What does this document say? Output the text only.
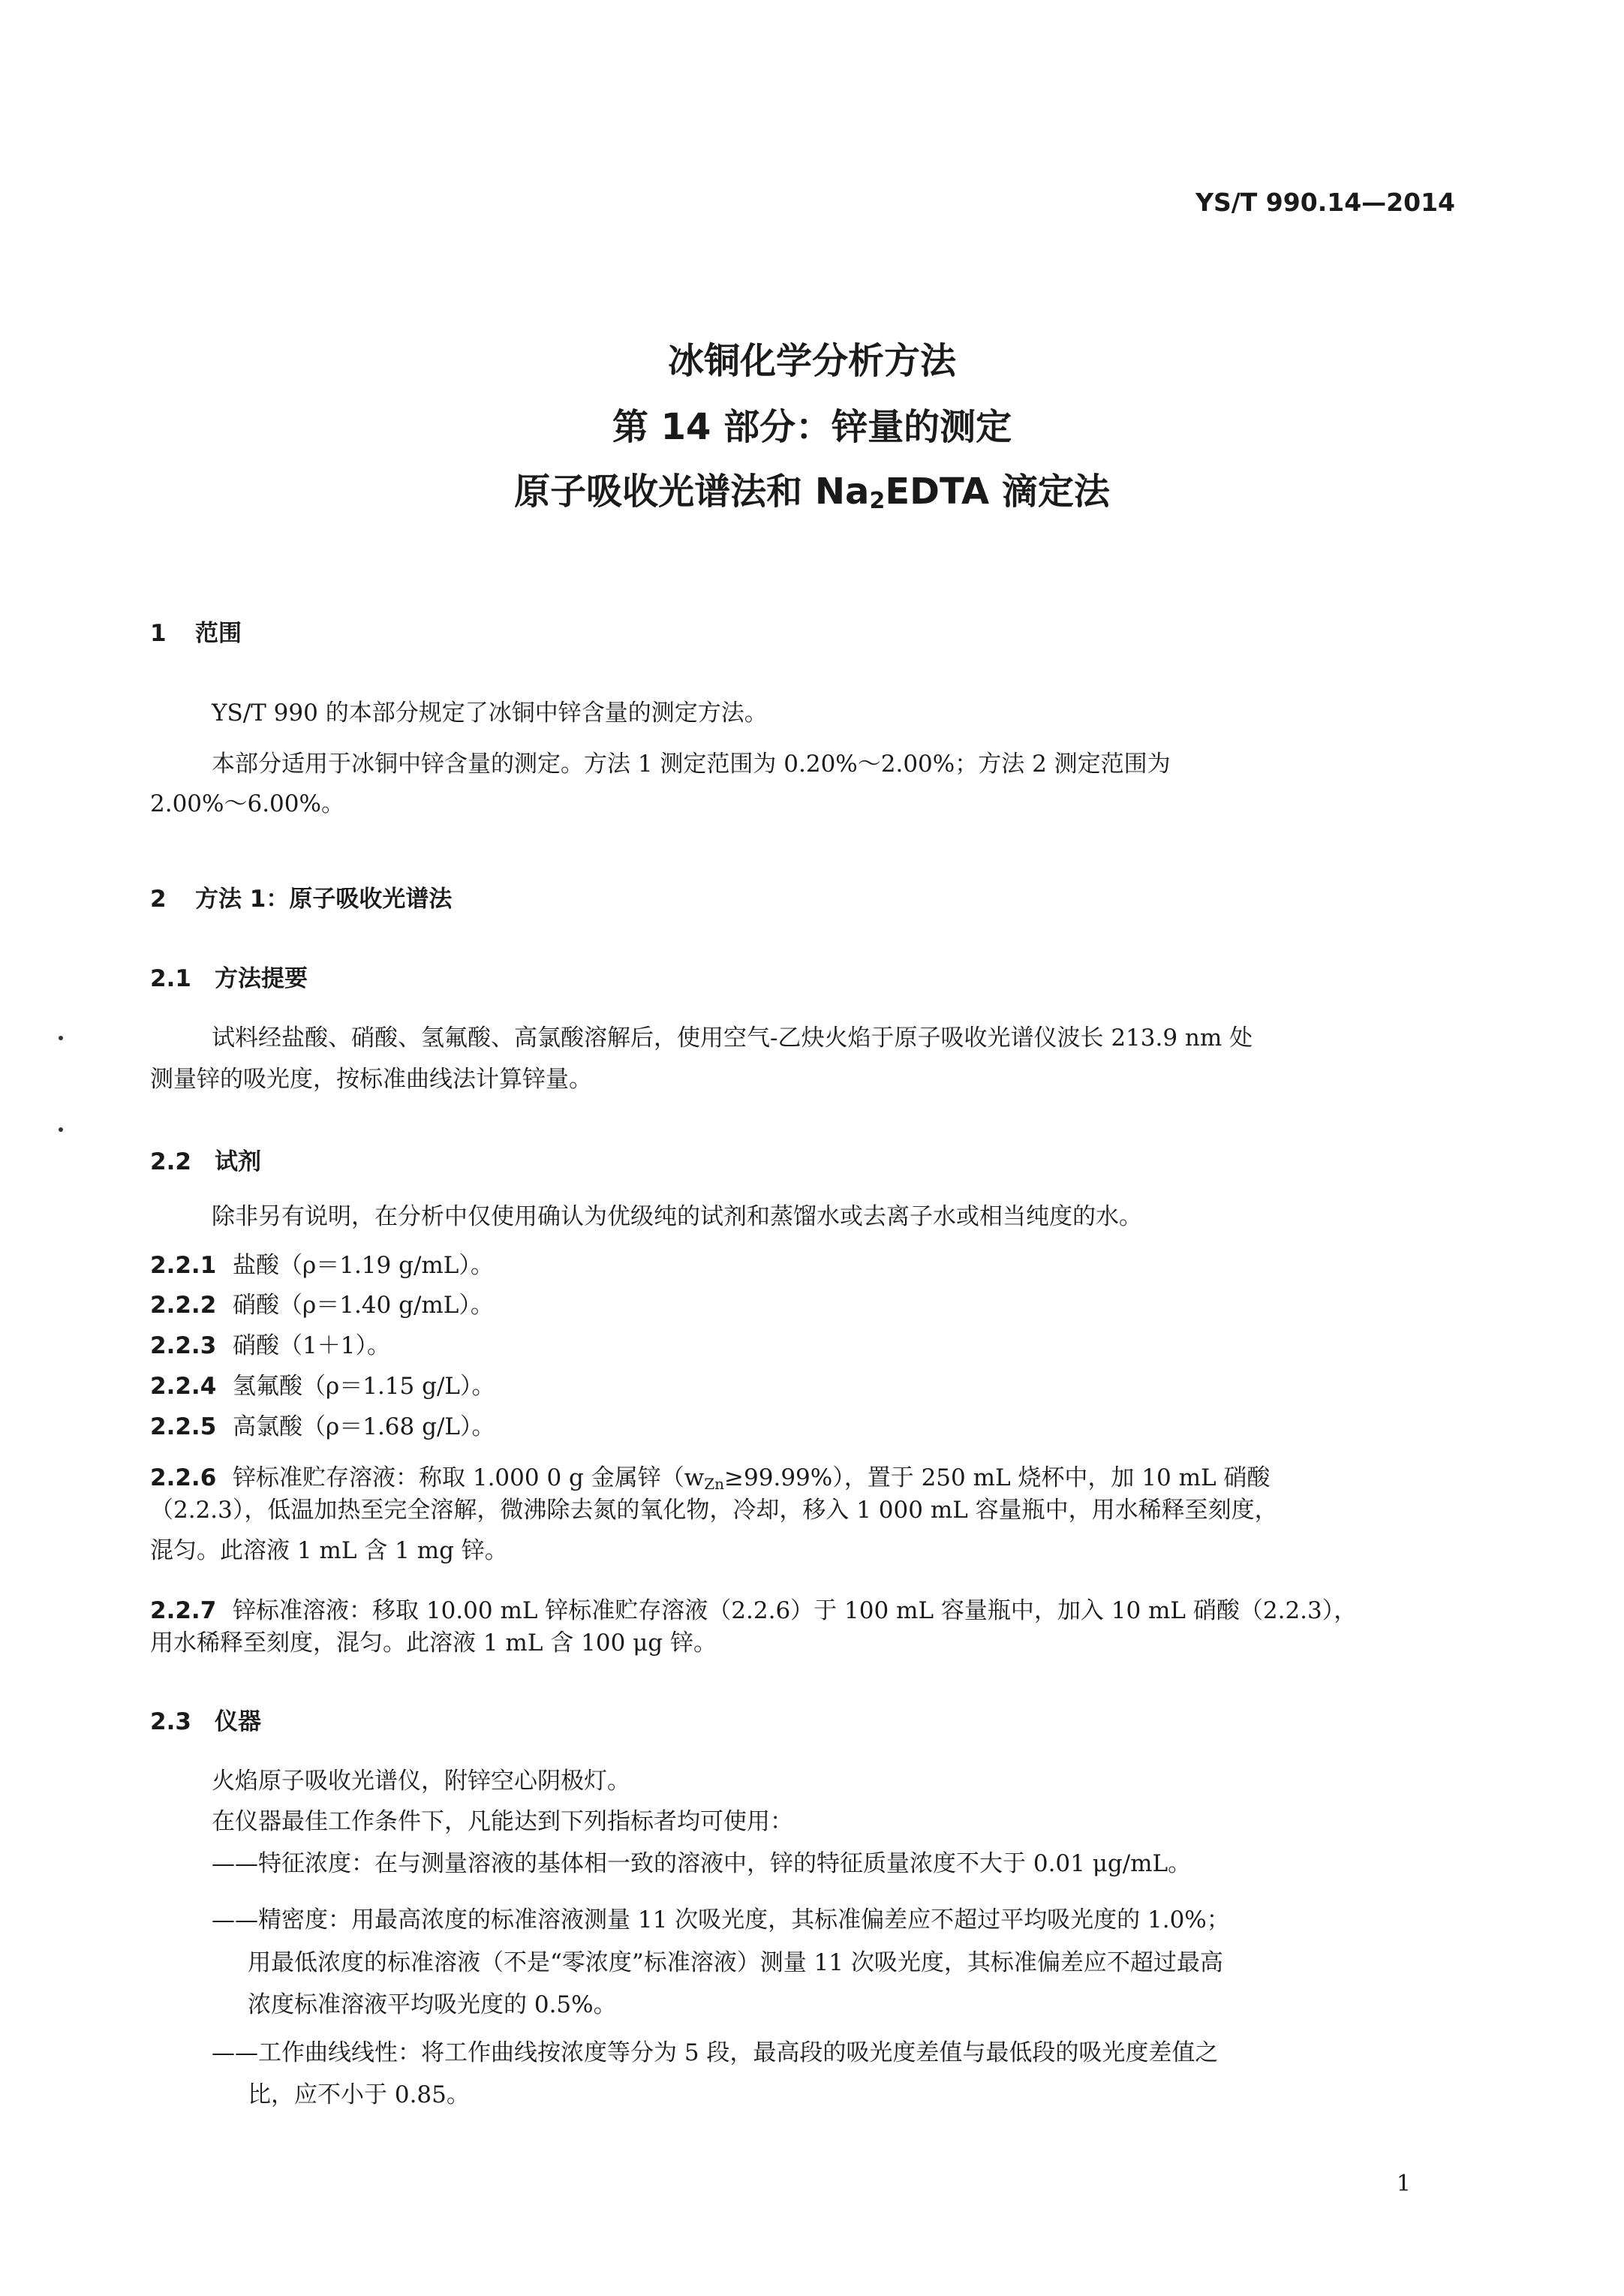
YS/T 990.14—2014
冰铜化学分析方法
第 14 部分：锌量的测定
原子吸收光谱法和 $Na_2EDTA$ 滴定法
1 范围
YS/T 990 的本部分规定了冰铜中锌含量的测定方法。
本部分适用于冰铜中锌含量的测定。方法 1 测定范围为 0.20%～2.00%；方法 2 测定范围为
2.00%～6.00%。
2 方法 1：原子吸收光谱法
2.1 方法提要
试料经盐酸、硝酸、氢氟酸、高氯酸溶解后，使用空气-乙炔火焰于原子吸收光谱仪波长 213.9 nm 处
测量锌的吸光度，按标准曲线法计算锌量。
2.2 试剂
除非另有说明，在分析中仅使用确认为优级纯的试剂和蒸馏水或去离子水或相当纯度的水。
2.2.1 盐酸（ρ＝1.19 g/mL）。
2.2.2 硝酸（ρ＝1.40 g/mL）。
2.2.3 硝酸（1＋1）。
2.2.4 氢氟酸（ρ＝1.15 g/L）。
2.2.5 高氯酸（ρ＝1.68 g/L）。
2.2.6 锌标准贮存溶液：称取 1.000 0 g 金属锌（wZn≥99.99%），置于 250 mL 烧杯中，加 10 mL 硝酸
（2.2.3），低温加热至完全溶解，微沸除去氮的氧化物，冷却，移入 1 000 mL 容量瓶中，用水稀释至刻度，
混匀。此溶液 1 mL 含 1 mg 锌。
2.2.7 锌标准溶液：移取 10.00 mL 锌标准贮存溶液（2.2.6）于 100 mL 容量瓶中，加入 10 mL 硝酸（2.2.3），
用水稀释至刻度，混匀。此溶液 1 mL 含 100 μg 锌。
2.3 仪器
火焰原子吸收光谱仪，附锌空心阴极灯。
在仪器最佳工作条件下，凡能达到下列指标者均可使用：
——特征浓度：在与测量溶液的基体相一致的溶液中，锌的特征质量浓度不大于 0.01 μg/mL。
——精密度：用最高浓度的标准溶液测量 11 次吸光度，其标准偏差应不超过平均吸光度的 1.0%；
用最低浓度的标准溶液（不是“零浓度”标准溶液）测量 11 次吸光度，其标准偏差应不超过最高
浓度标准溶液平均吸光度的 0.5%。
——工作曲线线性：将工作曲线按浓度等分为 5 段，最高段的吸光度差值与最低段的吸光度差值之
比，应不小于 0.85。
1
